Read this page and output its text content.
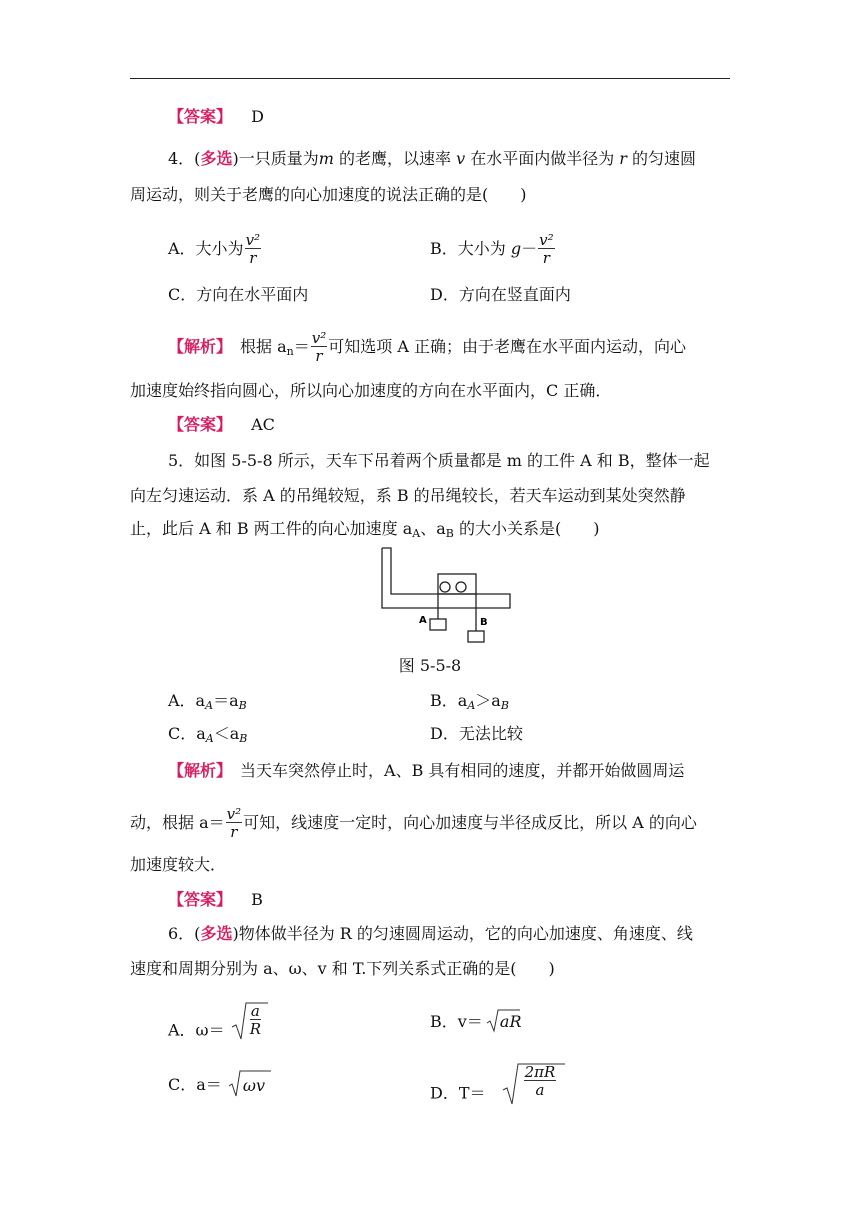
【答案】 D
4．(多选)一只质量为m 的老鹰，以速率 v 在水平面内做半径为 r 的匀速圆
周运动，则关于老鹰的向心加速度的说法正确的是(　　)
A．大小为 $\frac{\text{v²}}{r}$	B．大小为 $g- \frac{\text{v²}}{r}$
C．方向在水平面内	D．方向在竖直面内
【解析】　根据 $a_n= \frac{\text{v²}}{r}$ 可知选项 A 正确；由于老鹰在水平面内运动，向心
加速度始终指向圆心，所以向心加速度的方向在水平面内，C 正确．
【答案】 AC
5．如图 5-5-8 所示，天车下吊着两个质量都是 m 的工件 A 和 B，整体一起
向左匀速运动．系 A 的吊绳较短，系 B 的吊绳较长，若天车运动到某处突然静
止，此后 A 和 B 两工件的向心加速度 $a_A$、$a_B$ 的大小关系是(　　)
A	B
图 5-5-8
A．$a_A=a_B$	B．$a_A>a_B$
C．$a_A<a_B$	D．无法比较
【解析】　当天车突然停止时，A、B 具有相同的速度，并都开始做圆周运
动，根据 $a= \frac{\text{v²}}{r}$ 可知，线速度一定时，向心加速度与半径成反比，所以 A 的向心
加速度较大．
【答案】 B
6．(多选)物体做半径为 R 的匀速圆周运动，它的向心加速度、角速度、线
速度和周期分别为 a、ω、v 和 T.下列关系式正确的是(　　)
A．$\omega= \frac{a}{R}$	B．v＝ aR
C．a＝ ωv	D．T＝	$\frac{2\pi R}{a}$
